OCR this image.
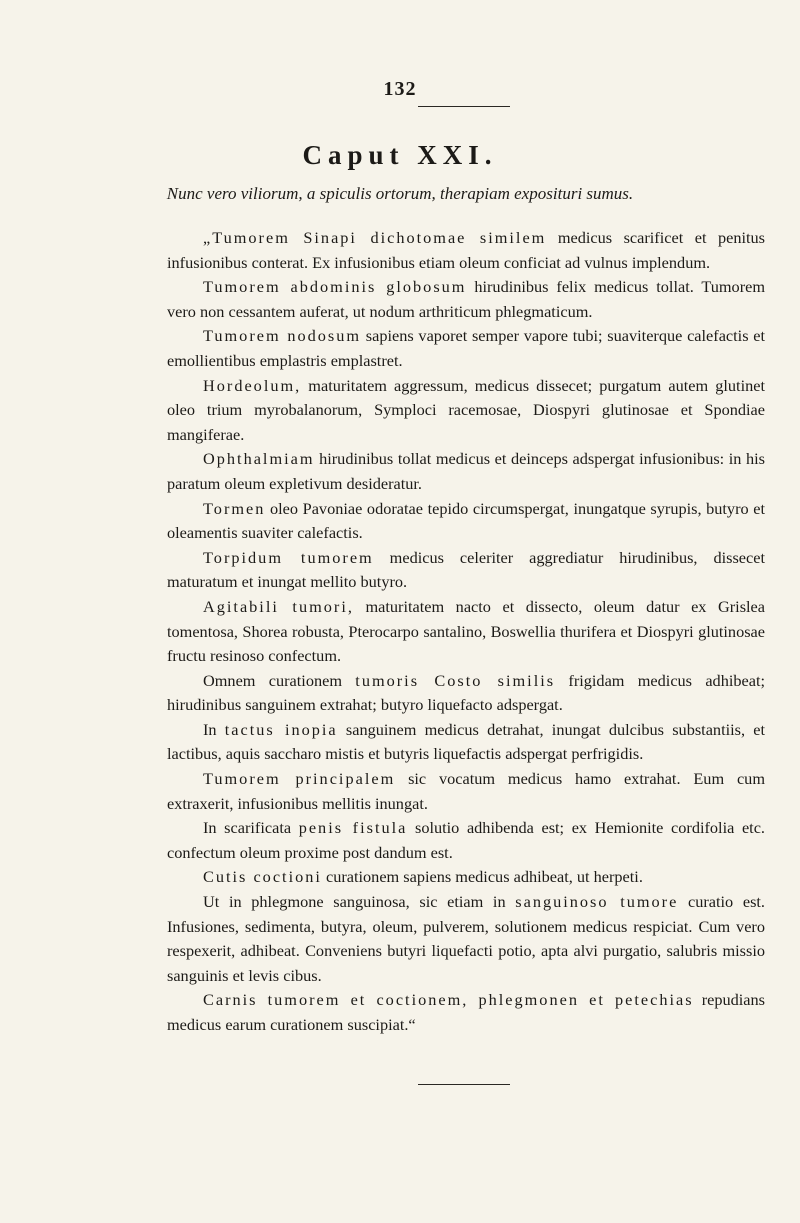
132
Caput XXI.
Nunc vero viliorum, a spiculis ortorum, therapiam exposituri sumus.

„Tumorem Sinapi dichotomae similem medicus scarificet et penitus infusionibus conterat. Ex infusionibus etiam oleum conficiat ad vulnus implendum.

Tumorem abdominis globosum hirudinibus felix medicus tollat. Tumorem vero non cessantem auferat, ut nodum arthriticum phlegmaticum.

Tumorem nodosum sapiens vaporet semper vapore tubi; suaviterque calefactis et emollientibus emplastris emplastret.

Hordeolum, maturitatem aggressum, medicus dissecet; purgatum autem glutinet oleo trium myrobalanorum, Symploci racemosae, Diospyri glutinosae et Spondiae mangiferae.

Ophthalmiam hirudinibus tollat medicus et deinceps adspergat infusionibus: in his paratum oleum expletivum desideratur.

Tormen oleo Pavoniae odoratae tepido circumspergat, inungatque syrupis, butyro et oleamentis suaviter calefactis.

Torpidum tumorem medicus celeriter aggrediatur hirudinibus, dissecet maturatum et inungat mellito butyro.

Agitabili tumori, maturitatem nacto et dissecto, oleum datur ex Grislea tomentosa, Shorea robusta, Pterocarpo santalino, Boswellia thurifera et Diospyri glutinosae fructu resinoso confectum.

Omnem curationem tumoris Costo similis frigidam medicus adhibeat; hirudinibus sanguinem extrahat; butyro liquefacto adspergat.

In tactus inopia sanguinem medicus detrahat, inungat dulcibus substantiis, et lactibus, aquis saccharo mistis et butyris liquefactis adspergat perfrigidis.

Tumorem principalem sic vocatum medicus hamo extrahat. Eum cum extraxerit, infusionibus mellitis inungat.

In scarificata penis fistula solutio adhibenda est; ex Hemionite cordifolia etc. confectum oleum proxime post dandum est.

Cutis coctioni curationem sapiens medicus adhibeat, ut herpeti.

Ut in phlegmone sanguinosa, sic etiam in sanguinoso tumore curatio est. Infusiones, sedimenta, butyra, oleum, pulverem, solutionem medicus respiciat. Cum vero respexerit, adhibeat. Conveniens butyri liquefacti potio, apta alvi purgatio, salubris missio sanguinis et levis cibus.

Carnis tumorem et coctionem, phlegmonen et petechias repudians medicus earum curationem suscipiat.“
